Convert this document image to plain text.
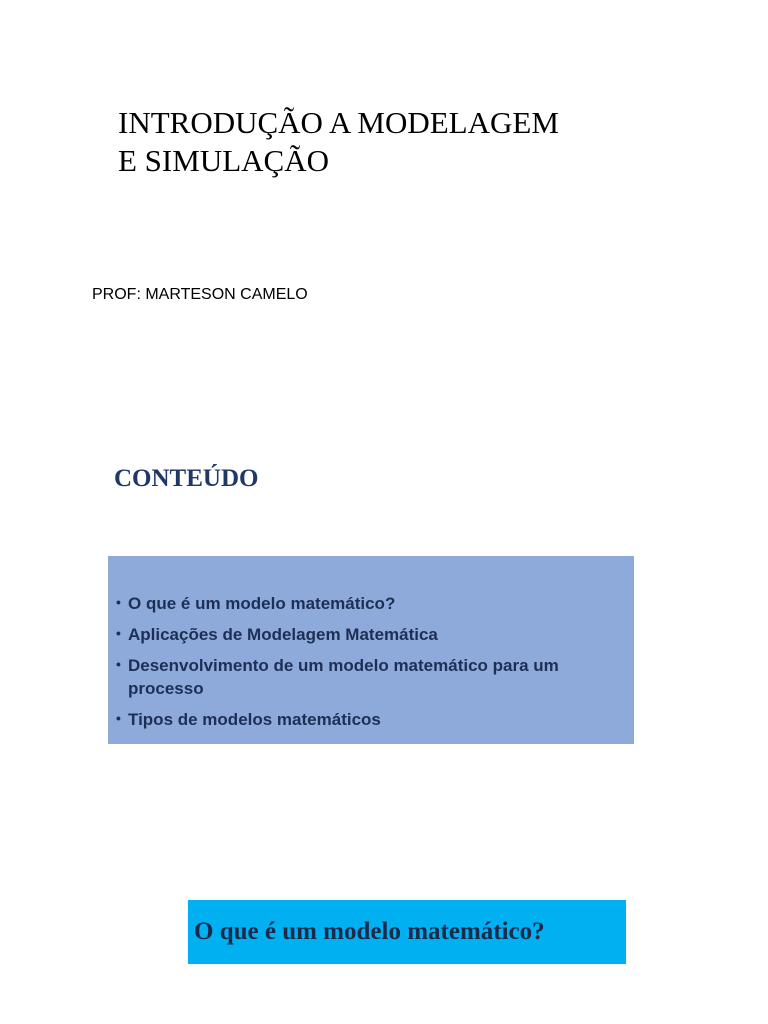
INTRODUÇÃO A MODELAGEM
E SIMULAÇÃO
PROF: MARTESON CAMELO
CONTEÚDO
• O que é um modelo matemático?
• Aplicações de Modelagem Matemática
• Desenvolvimento de um modelo matemático para um processo
• Tipos de modelos matemáticos
O que é um modelo matemático?
